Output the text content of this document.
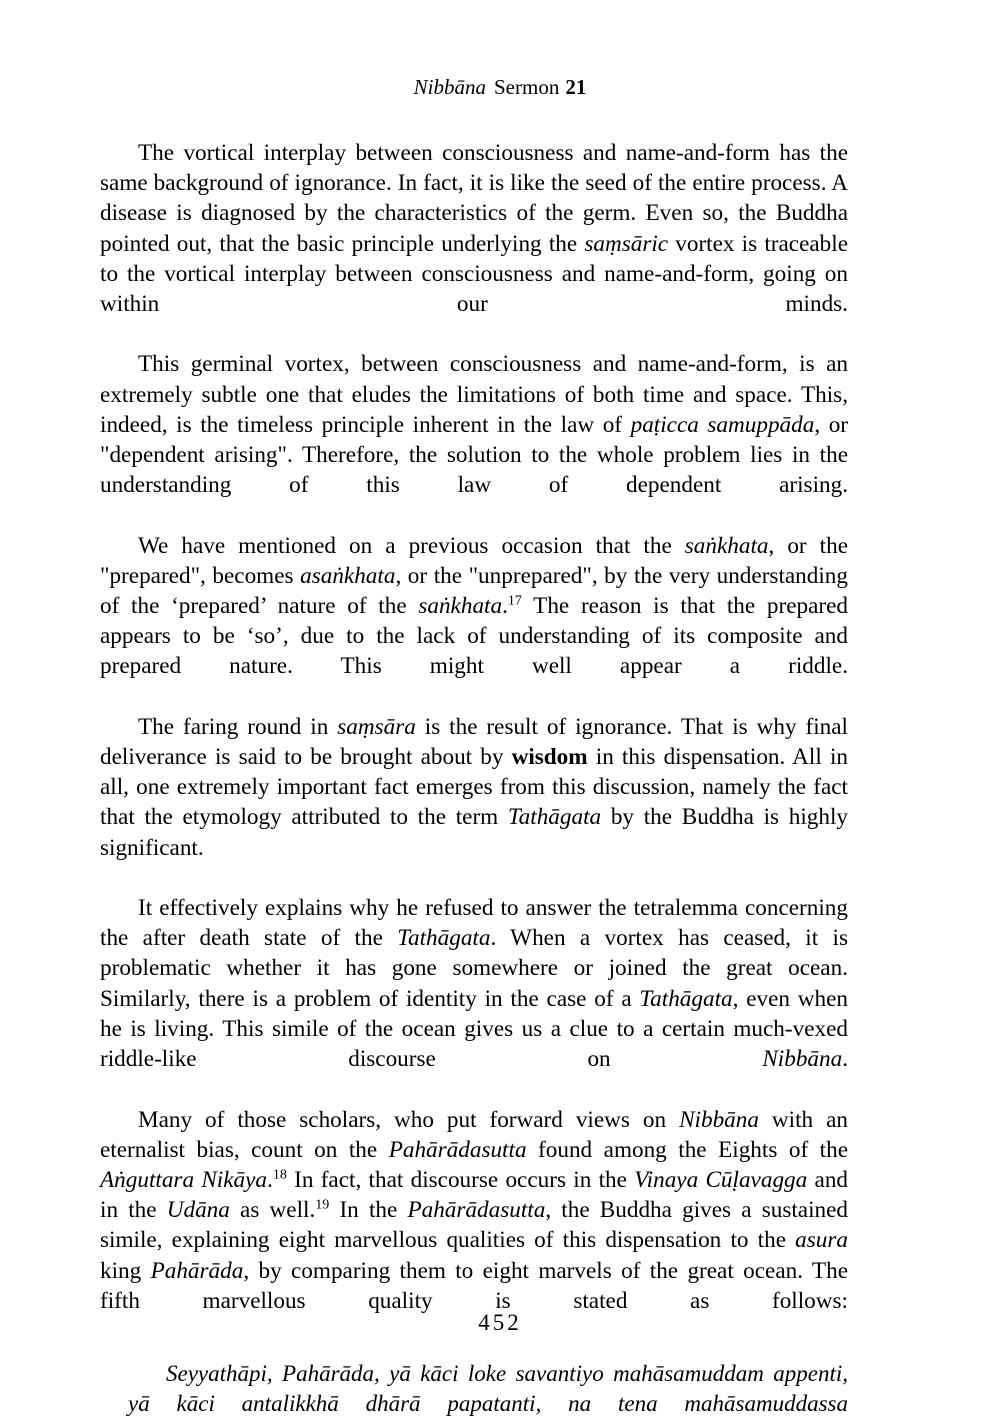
Nibbāna Sermon 21

The vortical interplay between consciousness and name-and-form has the same background of ignorance. In fact, it is like the seed of the entire process. A disease is diagnosed by the characteristics of the germ. Even so, the Buddha pointed out, that the basic principle underlying the saṃsāric vortex is traceable to the vortical interplay between consciousness and name-and-form, going on within our minds.

This germinal vortex, between consciousness and name-and-form, is an extremely subtle one that eludes the limitations of both time and space. This, indeed, is the timeless principle inherent in the law of paṭicca samuppāda, or "dependent arising". Therefore, the solution to the whole problem lies in the understanding of this law of dependent arising.

We have mentioned on a previous occasion that the saṅkhata, or the "prepared", becomes asaṅkhata, or the "unprepared", by the very understanding of the ‘prepared’ nature of the saṅkhata.$^{17}$ The reason is that the prepared appears to be ‘so’, due to the lack of understanding of its composite and prepared nature. This might well appear a riddle.

The faring round in saṃsāra is the result of ignorance. That is why final deliverance is said to be brought about by wisdom in this dispensation. All in all, one extremely important fact emerges from this discussion, namely the fact that the etymology attributed to the term Tathāgata by the Buddha is highly significant.

It effectively explains why he refused to answer the tetralemma concerning the after death state of the Tathāgata. When a vortex has ceased, it is problematic whether it has gone somewhere or joined the great ocean. Similarly, there is a problem of identity in the case of a Tathāgata, even when he is living. This simile of the ocean gives us a clue to a certain much-vexed riddle-like discourse on Nibbāna.

Many of those scholars, who put forward views on Nibbāna with an eternalist bias, count on the Pahārādasutta found among the Eights of the Aṅguttara Nikāya.$^{18}$ In fact, that discourse occurs in the Vinaya Cūḷavagga and in the Udāna as well.$^{19}$ In the Pahārādasutta, the Buddha gives a sustained simile, explaining eight marvellous qualities of this dispensation to the asura king Pahārāda, by comparing them to eight marvels of the great ocean. The fifth marvellous quality is stated as follows:

Seyyathāpi, Pahārāda, yā kāci loke savantiyo mahāsamuddam appenti, yā kāci antalikkhā dhārā papatanti, na tena mahāsamuddassa

452
